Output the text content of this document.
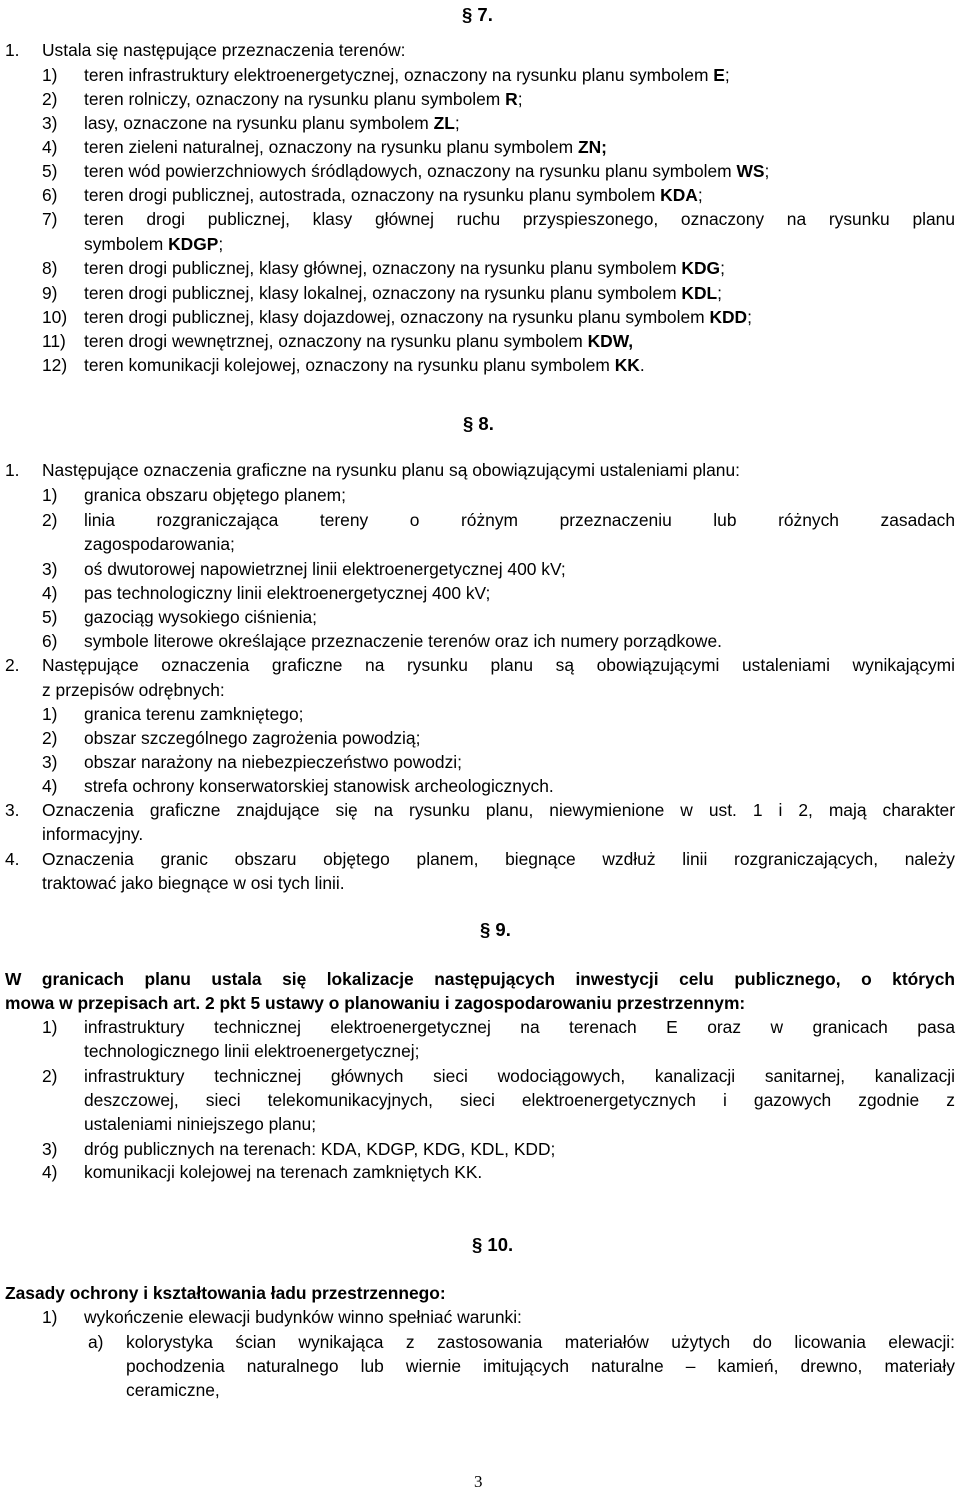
§ 7.
1. Ustala się następujące przeznaczenia terenów:
1) teren infrastruktury elektroenergetycznej, oznaczony na rysunku planu symbolem E;
2) teren rolniczy, oznaczony na rysunku planu symbolem R;
3) lasy, oznaczone na rysunku planu symbolem ZL;
4) teren zieleni naturalnej, oznaczony na rysunku planu symbolem ZN;
5) teren wód powierzchniowych śródlądowych, oznaczony na rysunku planu symbolem WS;
6) teren drogi publicznej, autostrada, oznaczony na rysunku planu symbolem KDA;
7) teren drogi publicznej, klasy głównej ruchu przyspieszonego, oznaczony na rysunku planu
symbolem KDGP;
8) teren drogi publicznej, klasy głównej, oznaczony na rysunku planu symbolem KDG;
9) teren drogi publicznej, klasy lokalnej, oznaczony na rysunku planu symbolem KDL;
10) teren drogi publicznej, klasy dojazdowej, oznaczony na rysunku planu symbolem KDD;
11) teren drogi wewnętrznej, oznaczony na rysunku planu symbolem KDW,
12) teren komunikacji kolejowej, oznaczony na rysunku planu symbolem KK.
§ 8.
1. Następujące oznaczenia graficzne na rysunku planu są obowiązującymi ustaleniami planu:
1) granica obszaru objętego planem;
2) linia rozgraniczająca tereny o różnym przeznaczeniu lub różnych zasadach
zagospodarowania;
3) oś dwutorowej napowietrznej linii elektroenergetycznej 400 kV;
4) pas technologiczny linii elektroenergetycznej 400 kV;
5) gazociąg wysokiego ciśnienia;
6) symbole literowe określające przeznaczenie terenów oraz ich numery porządkowe.
2. Następujące oznaczenia graficzne na rysunku planu są obowiązującymi ustaleniami wynikającymi
z przepisów odrębnych:
1) granica terenu zamkniętego;
2) obszar szczególnego zagrożenia powodzią;
3) obszar narażony na niebezpieczeństwo powodzi;
4) strefa ochrony konserwatorskiej stanowisk archeologicznych.
3. Oznaczenia graficzne znajdujące się na rysunku planu, niewymienione w ust. 1 i 2, mają charakter
informacyjny.
4. Oznaczenia granic obszaru objętego planem, biegnące wzdłuż linii rozgraniczających, należy
traktować jako biegnące w osi tych linii.
§ 9.
W granicach planu ustala się lokalizacje następujących inwestycji celu publicznego, o których
mowa w przepisach art. 2 pkt 5 ustawy o planowaniu i zagospodarowaniu przestrzennym:
1) infrastruktury technicznej elektroenergetycznej na terenach E oraz w granicach pasa
technologicznego linii elektroenergetycznej;
2) infrastruktury technicznej głównych sieci wodociągowych, kanalizacji sanitarnej, kanalizacji
deszczowej, sieci telekomunikacyjnych, sieci elektroenergetycznych i gazowych zgodnie z
ustaleniami niniejszego planu;
3) dróg publicznych na terenach: KDA, KDGP, KDG, KDL, KDD;
4) komunikacji kolejowej na terenach zamkniętych KK.
§ 10.
Zasady ochrony i kształtowania ładu przestrzennego:
1) wykończenie elewacji budynków winno spełniać warunki:
a) kolorystyka ścian wynikająca z zastosowania materiałów użytych do licowania elewacji:
pochodzenia naturalnego lub wiernie imitujących naturalne – kamień, drewno, materiały
ceramiczne,
3
